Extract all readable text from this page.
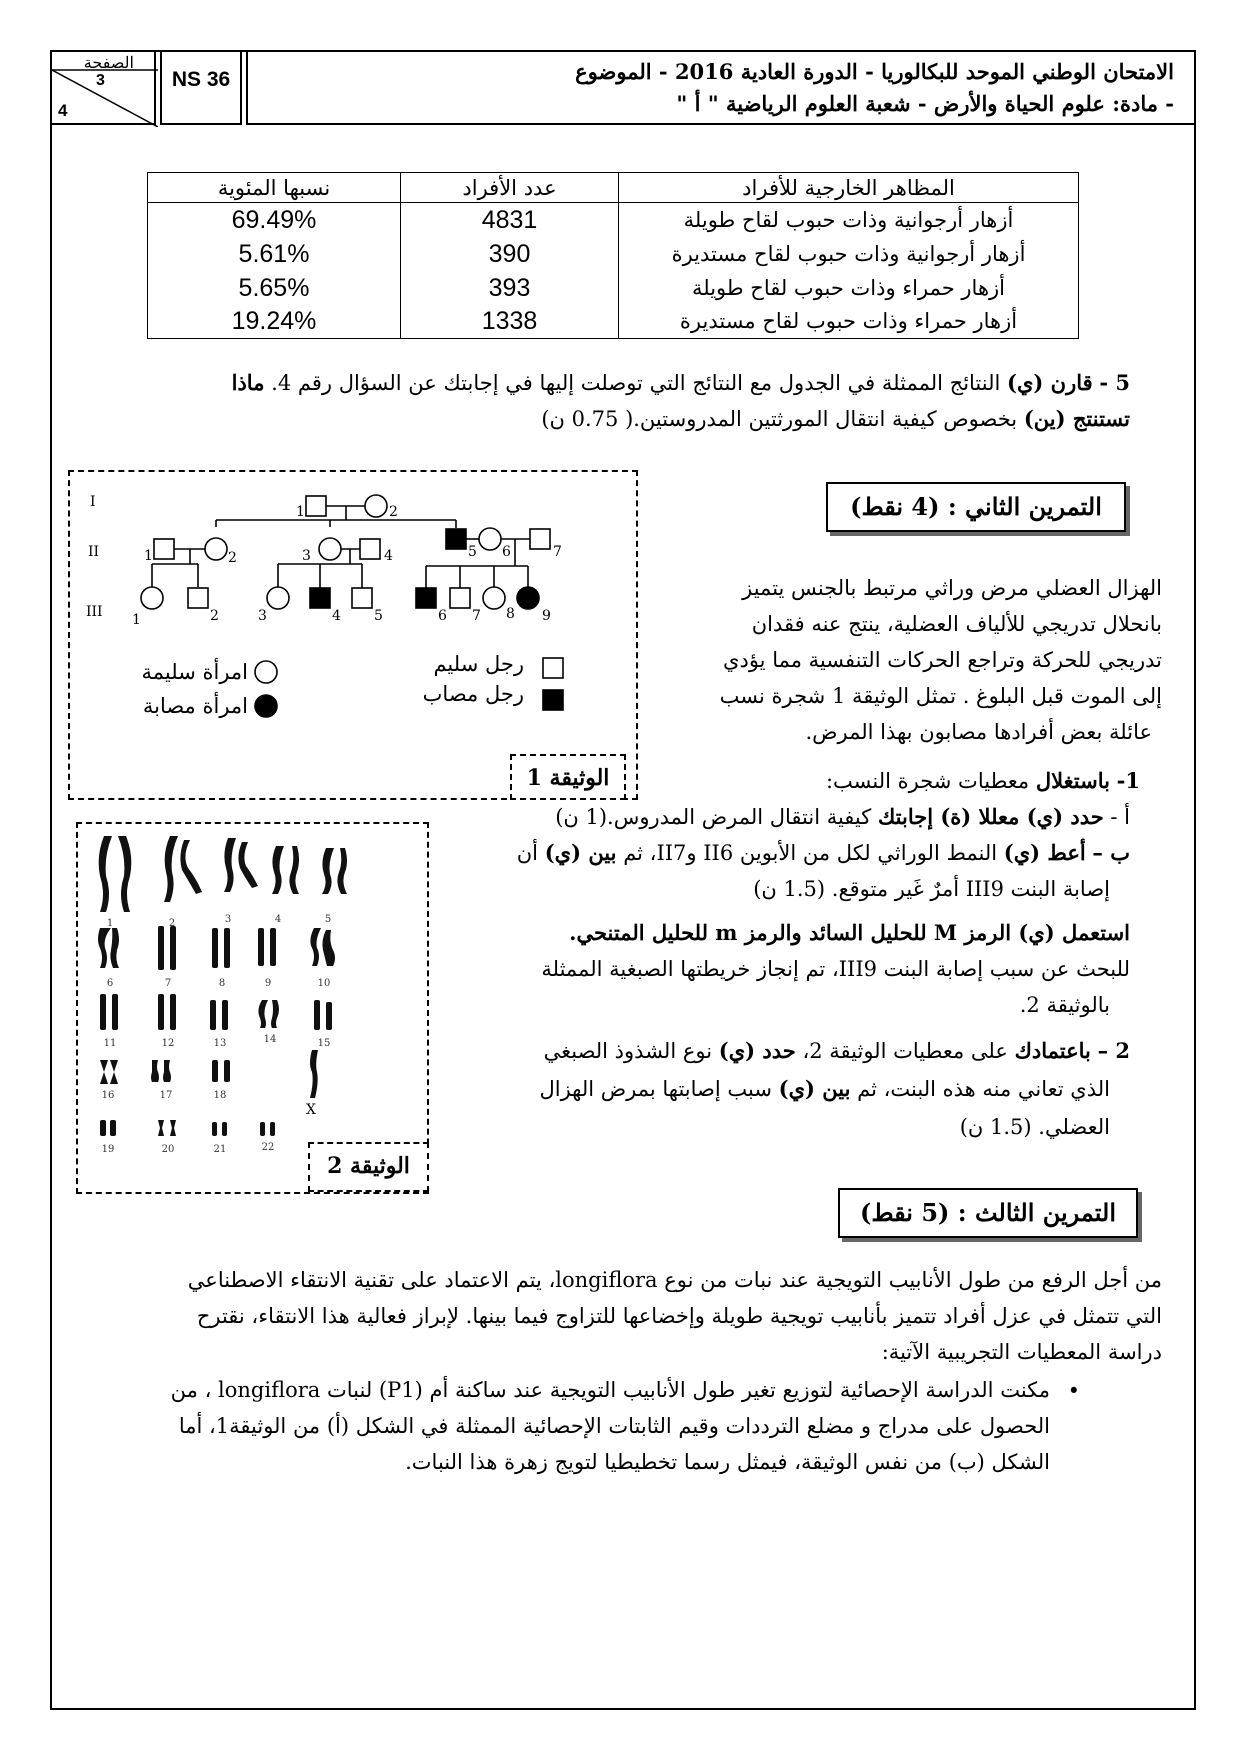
الصفحة
3
4
NS 36	الامتحان الوطني الموحد للبكالوريا - الدورة العادية 2016 - الموضوع
- مادة: علوم الحياة والأرض - شعبة العلوم الرياضية " أ "
المظاهر الخارجية للأفراد	عدد الأفراد	نسبها المئوية
أزهار أرجوانية وذات حبوب لقاح طويلة	4831	69.49%
أزهار أرجوانية وذات حبوب لقاح مستديرة	390	5.61%
أزهار حمراء وذات حبوب لقاح طويلة	393	5.65%
أزهار حمراء وذات حبوب لقاح مستديرة	1338	19.24%
5 - قارن (ي) النتائج الممثلة في الجدول مع النتائج التي توصلت إليها في إجابتك عن السؤال رقم 4. ماذا
تستنتج (ين) بخصوص كيفية انتقال المورثتين المدروستين.( 0.75 ن)
التمرين الثاني : (4 نقط)
الهزال العضلي مرض وراثي مرتبط بالجنس يتميز
بانحلال تدريجي للألياف العضلية، ينتج عنه فقدان
تدريجي للحركة وتراجع الحركات التنفسية مما يؤدي
إلى الموت قبل البلوغ . تمثل الوثيقة 1 شجرة نسب
عائلة بعض أفرادها مصابون بهذا المرض.
1- باستغلال معطيات شجرة النسب:
أ - حدد (ي) معللا (ة) إجابتك كيفية انتقال المرض المدروس.(1 ن)
ب – أعط (ي) النمط الوراثي لكل من الأبوين II6 وII7، ثم بين (ي) أن
إصابة البنت III9 أمرٌ غَير متوقع. (1.5 ن)
استعمل (ي) الرمز M للحليل السائد والرمز m للحليل المتنحي.
للبحث عن سبب إصابة البنت III9، تم إنجاز خريطتها الصبغية الممثلة
بالوثيقة 2.
2 – باعتمادك على معطيات الوثيقة 2، حدد (ي) نوع الشذوذ الصبغي
الذي تعاني منه هذه البنت، ثم بين (ي) سبب إصابتها بمرض الهزال
العضلي. (1.5 ن)
I
II
III
1	2
1	2	3	4	5 6	7
1	2	3	4 5	6 7 8 9
رجل سليم
رجل مصاب
امرأة سليمة
امرأة مصابة
الوثيقة 1
1	2	3	4	5
6	7	8	9	10
11	12	13	14	15
16	17	18
19	20	21	22
X
الوثيقة 2
التمرين الثالث : (5 نقط)
من أجل الرفع من طول الأنابيب التويجية عند نبات من نوع longiflora، يتم الاعتماد على تقنية الانتقاء الاصطناعي
التي تتمثل في عزل أفراد تتميز بأنابيب تويجية طويلة وإخضاعها للتزاوج فيما بينها. لإبراز فعالية هذا الانتقاء، نقترح
دراسة المعطيات التجريبية الآتية:
•
مكنت الدراسة الإحصائية لتوزيع تغير طول الأنابيب التويجية عند ساكنة أم (P1) لنبات longiflora ، من
الحصول على مدراج و مضلع الترددات وقيم الثابتات الإحصائية الممثلة في الشكل (أ) من الوثيقة1، أما
الشكل (ب) من نفس الوثيقة، فيمثل رسما تخطيطيا لتويج زهرة هذا النبات.
